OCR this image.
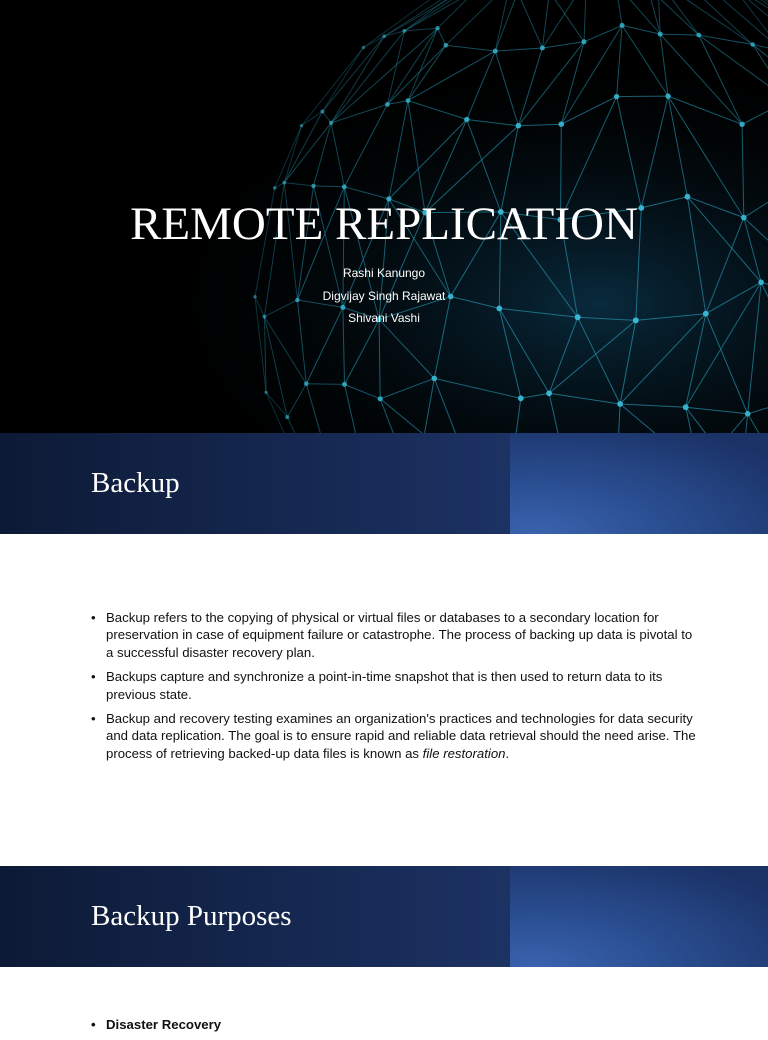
REMOTE REPLICATION
Rashi Kanungo
Digvijay Singh Rajawat
Shivani Vashi
Backup
• Backup refers to the copying of physical or virtual files or databases to a secondary location for preservation in case of equipment failure or catastrophe. The process of backing up data is pivotal to a successful disaster recovery plan.
• Backups capture and synchronize a point-in-time snapshot that is then used to return data to its previous state.
• Backup and recovery testing examines an organization's practices and technologies for data security and data replication. The goal is to ensure rapid and reliable data retrieval should the need arise. The process of retrieving backed-up data files is known as file restoration.
Backup Purposes
• Disaster Recovery
